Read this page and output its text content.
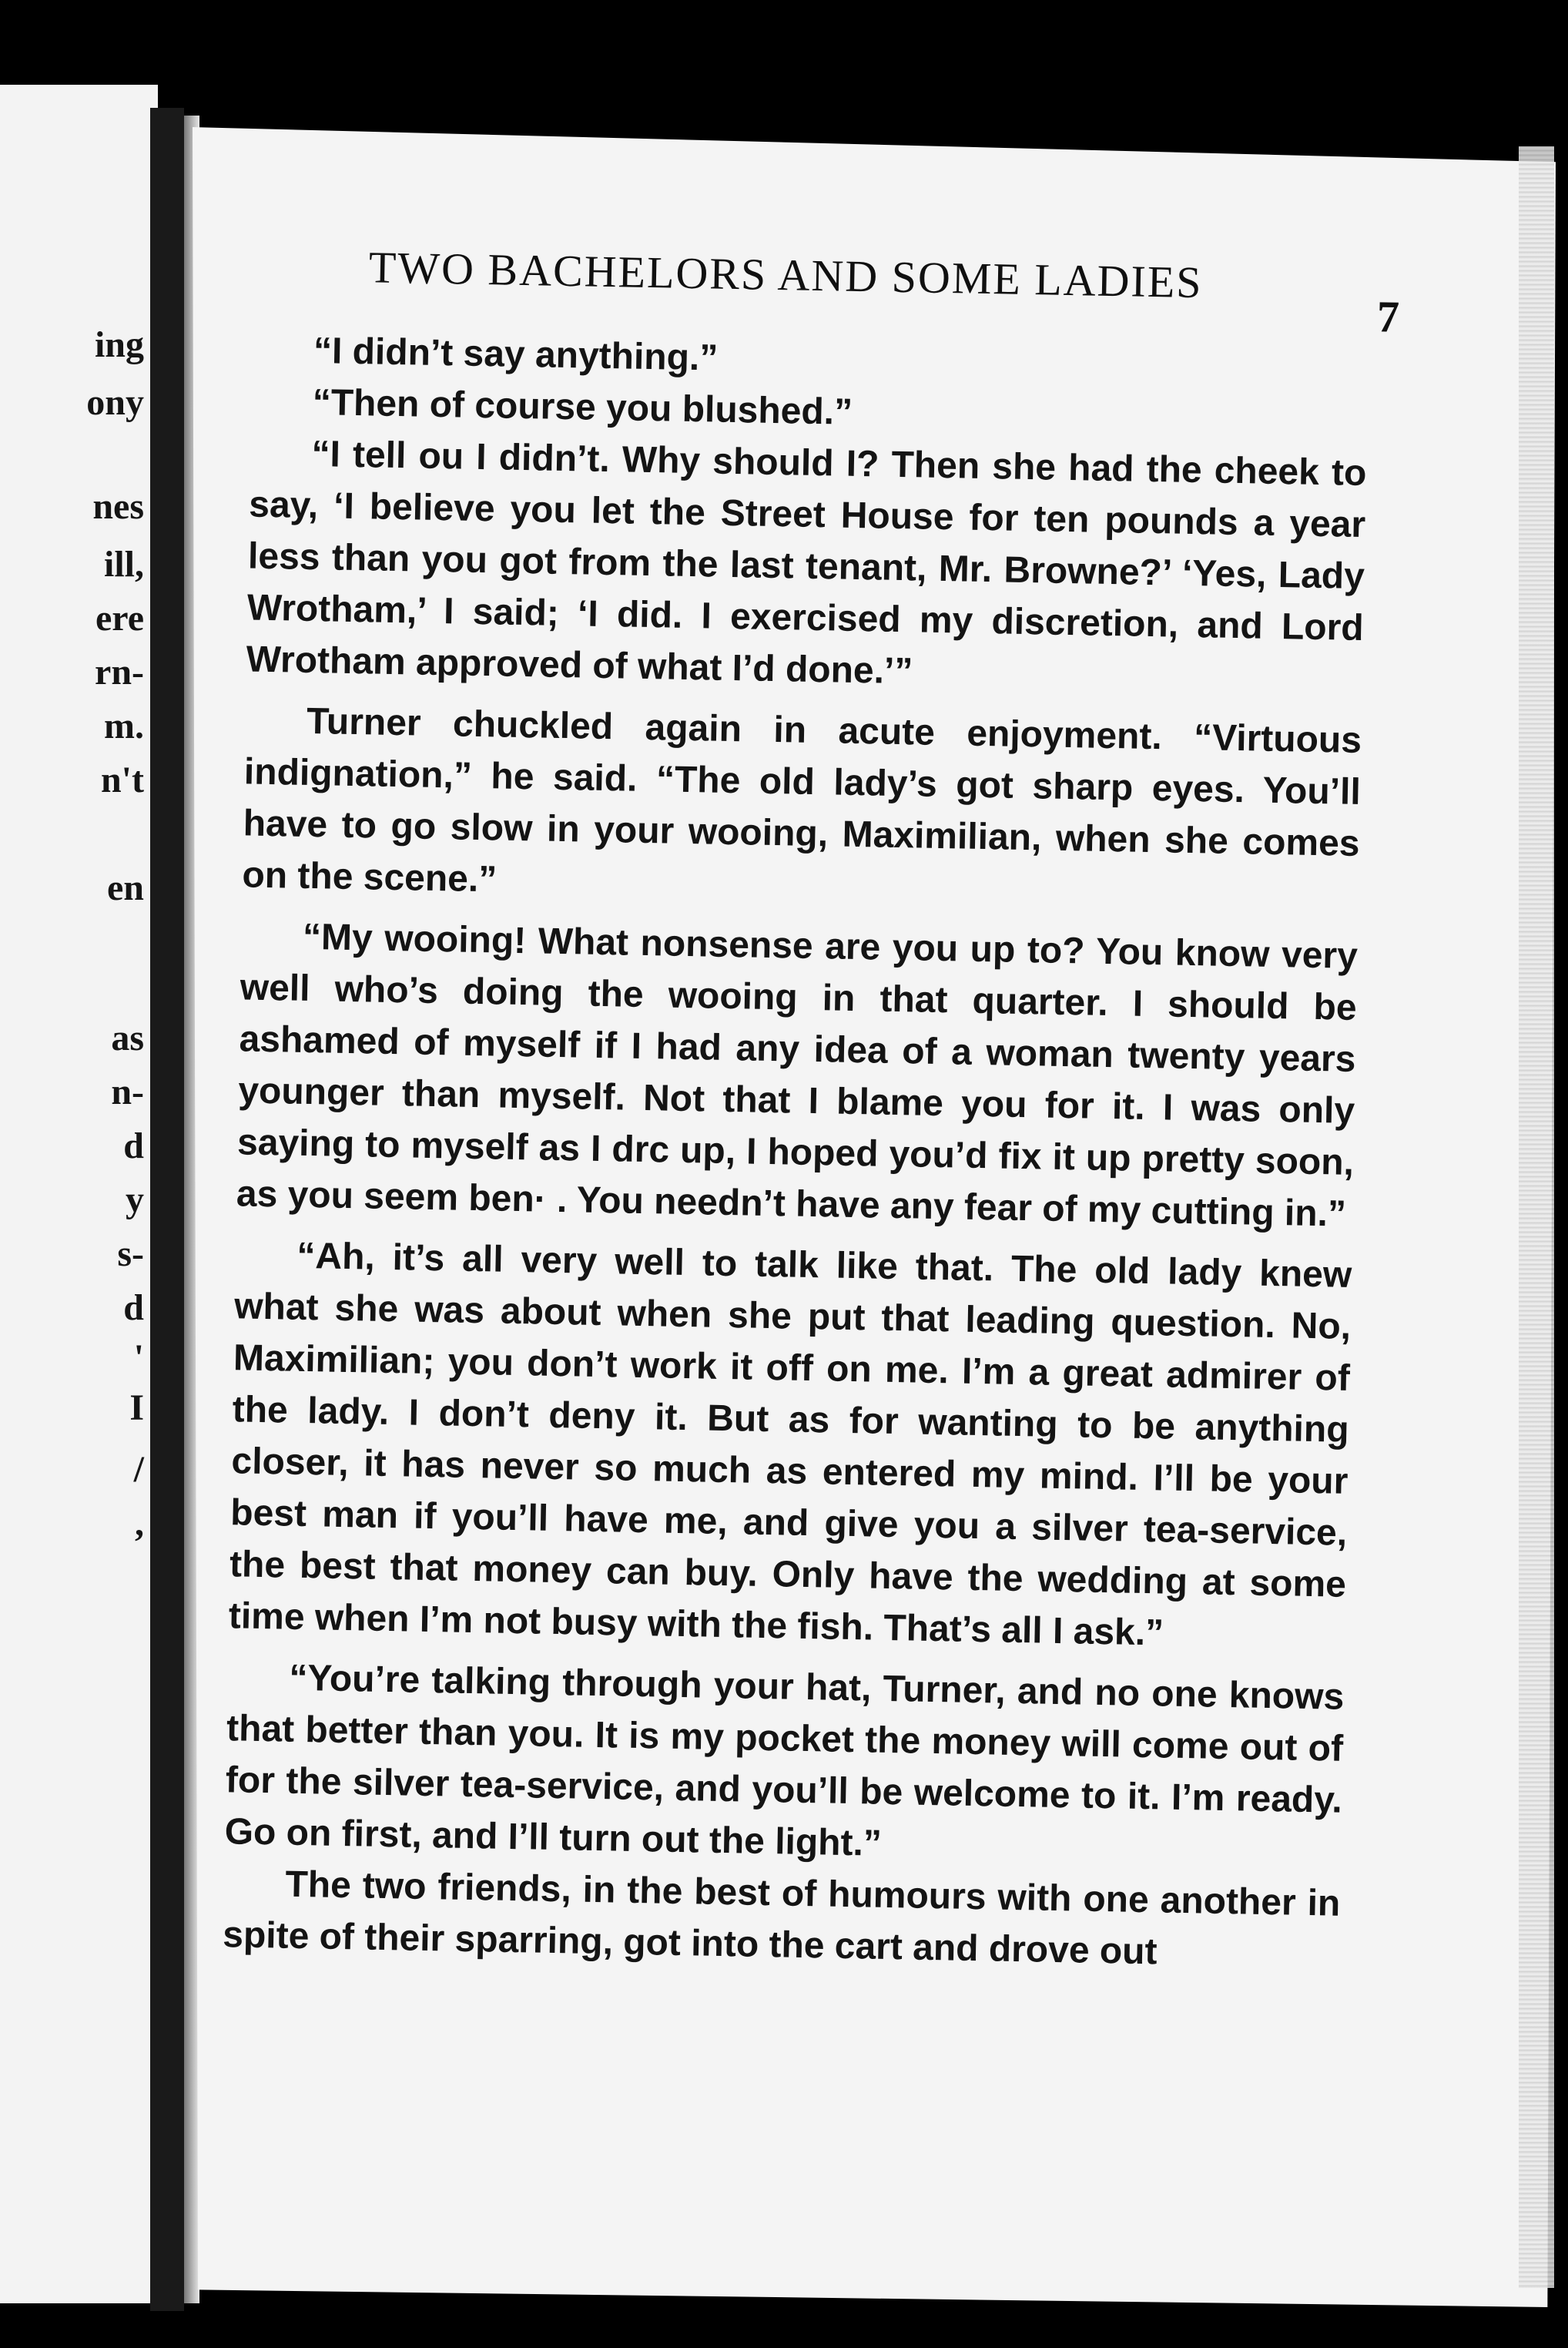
ing
ony
nes
ill,
ere
rn-
m.
n't
en
as
n-
d
y
s-
d
'
I
/
,
TWO BACHELORS AND SOME LADIES
7

“I didn’t say anything.”

“Then of course you blushed.”

“I tell ou I didn’t. Why should I? Then she had the cheek to say, ‘I believe you let the Street House for ten pounds a year less than you got from the last tenant, Mr. Browne?’ ‘Yes, Lady Wrotham,’ I said; ‘I did. I exercised my discretion, and Lord Wrotham approved of what I’d done.’”

Turner chuckled again in acute enjoyment. “Virtuous indignation,” he said. “The old lady’s got sharp eyes. You’ll have to go slow in your wooing, Maximilian, when she comes on the scene.”

“My wooing! What nonsense are you up to? You know very well who’s doing the wooing in that quarter. I should be ashamed of myself if I had any idea of a woman twenty years younger than myself. Not that I blame you for it. I was only saying to myself as I drc up, I hoped you’d fix it up pretty soon, as you seem ben· . You needn’t have any fear of my cutting in.”

“Ah, it’s all very well to talk like that. The old lady knew what she was about when she put that leading question. No, Maximilian; you don’t work it off on me. I’m a great admirer of the lady. I don’t deny it. But as for wanting to be anything closer, it has never so much as entered my mind. I’ll be your best man if you’ll have me, and give you a silver tea-service, the best that money can buy. Only have the wedding at some time when I’m not busy with the fish. That’s all I ask.”

“You’re talking through your hat, Turner, and no one knows that better than you. It is my pocket the money will come out of for the silver tea-service, and you’ll be welcome to it. I’m ready. Go on first, and I’ll turn out the light.”

The two friends, in the best of humours with one another in spite of their sparring, got into the cart and drove out
